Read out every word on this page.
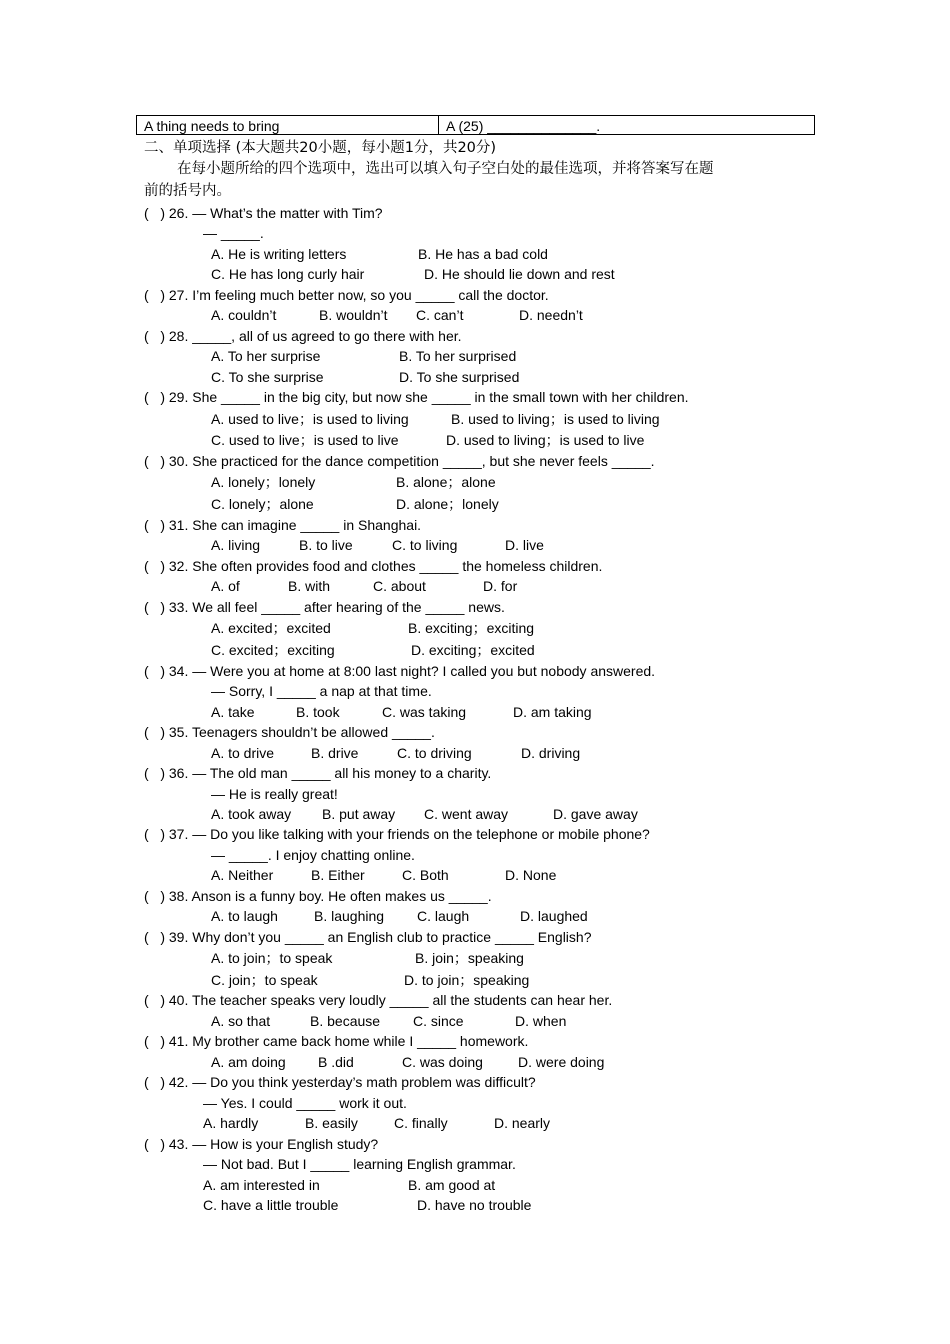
A thing needs to bring	A (25) ______________.
二、单项选择 (本大题共20小题，每小题1分，共20分)
在每小题所给的四个选项中，选出可以填入句子空白处的最佳选项，并将答案写在题
前的括号内。
(   ) 26. — What’s the matter with Tim?
— _____.
A. He is writing letters	B. He has a bad cold
C. He has long curly hair	D. He should lie down and rest
(   ) 27. I’m feeling much better now, so you _____ call the doctor.
A. couldn’t	B. wouldn’t C. can’t	D. needn’t
(   ) 28. _____, all of us agreed to go there with her.
A. To her surprise	B. To her surprised
C. To she surprise	D. To she surprised
(   ) 29. She _____ in the big city, but now she _____ in the small town with her children.
A. used to live；is used to living	B. used to living；is used to living
C. used to live；is used to live	D. used to living；is used to live
(   ) 30. She practiced for the dance competition _____, but she never feels _____.
A. lonely；lonely	B. alone；alone
C. lonely；alone	D. alone；lonely
(   ) 31. She can imagine _____ in Shanghai.
A. living	B. to live	C. to living	D. live
(   ) 32. She often provides food and clothes _____ the homeless children.
A. of	B. with	C. about	D. for
(   ) 33. We all feel _____ after hearing of the _____ news.
A. excited；excited	B. exciting；exciting
C. excited；exciting	D. exciting；excited
(   ) 34. — Were you at home at 8:00 last night? I called you but nobody answered.
— Sorry, I _____ a nap at that time.
A. take	B. took	C. was taking	D. am taking
(   ) 35. Teenagers shouldn’t be allowed _____.
A. to drive	B. drive	C. to driving	D. driving
(   ) 36. — The old man _____ all his money to a charity.
— He is really great!
A. took away B. put away C. went away	D. gave away
(   ) 37. — Do you like talking with your friends on the telephone or mobile phone?
— _____. I enjoy chatting online.
A. Neither	B. Either	C. Both	D. None
(   ) 38. Anson is a funny boy. He often makes us _____.
A. to laugh	B. laughing C. laugh	D. laughed
(   ) 39. Why don’t you _____ an English club to practice _____ English?
A. to join；to speak	B. join；speaking
C. join；to speak	D. to join；speaking
(   ) 40. The teacher speaks very loudly _____ all the students can hear her.
A. so that	B. because C. since	D. when
(   ) 41. My brother came back home while I _____ homework.
A. am doing B .did	C. was doing	D. were doing
(   ) 42. — Do you think yesterday’s math problem was difficult?
— Yes. I could _____ work it out.
A. hardly	B. easily	C. finally	D. nearly
(   ) 43. — How is your English study?
— Not bad. But I _____ learning English grammar.
A. am interested in	B. am good at
C. have a little trouble	D. have no trouble
